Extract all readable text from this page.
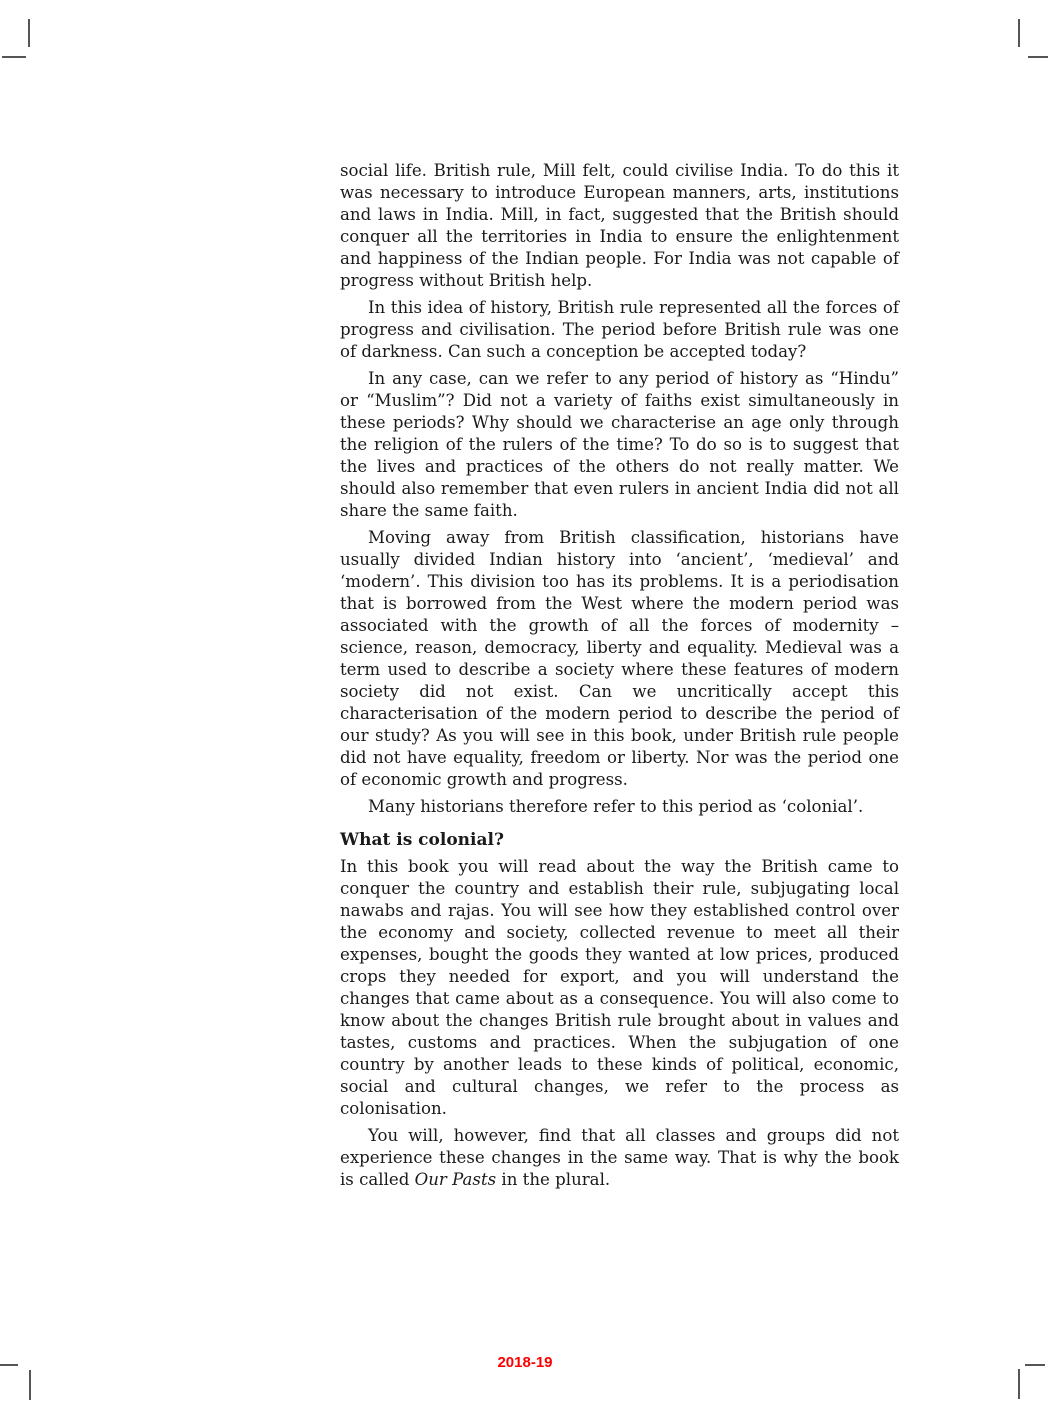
social life. British rule, Mill felt, could civilise India. To do this it was necessary to introduce European manners, arts, institutions and laws in India. Mill, in fact, suggested that the British should conquer all the territories in India to ensure the enlightenment and happiness of the Indian people. For India was not capable of progress without British help.

In this idea of history, British rule represented all the forces of progress and civilisation. The period before British rule was one of darkness. Can such a conception be accepted today?

In any case, can we refer to any period of history as “Hindu” or “Muslim”? Did not a variety of faiths exist simultaneously in these periods? Why should we characterise an age only through the religion of the rulers of the time? To do so is to suggest that the lives and practices of the others do not really matter. We should also remember that even rulers in ancient India did not all share the same faith.

Moving away from British classification, historians have usually divided Indian history into ‘ancient’, ‘medieval’ and ‘modern’. This division too has its problems. It is a periodisation that is borrowed from the West where the modern period was associated with the growth of all the forces of modernity – science, reason, democracy, liberty and equality. Medieval was a term used to describe a society where these features of modern society did not exist. Can we uncritically accept this characterisation of the modern period to describe the period of our study? As you will see in this book, under British rule people did not have equality, freedom or liberty. Nor was the period one of economic growth and progress.

Many historians therefore refer to this period as ‘colonial’.

What is colonial?

In this book you will read about the way the British came to conquer the country and establish their rule, subjugating local nawabs and rajas. You will see how they established control over the economy and society, collected revenue to meet all their expenses, bought the goods they wanted at low prices, produced crops they needed for export, and you will understand the changes that came about as a consequence. You will also come to know about the changes British rule brought about in values and tastes, customs and practices. When the subjugation of one country by another leads to these kinds of political, economic, social and cultural changes, we refer to the process as colonisation.

You will, however, find that all classes and groups did not experience these changes in the same way. That is why the book is called Our Pasts in the plural.

2018-19
